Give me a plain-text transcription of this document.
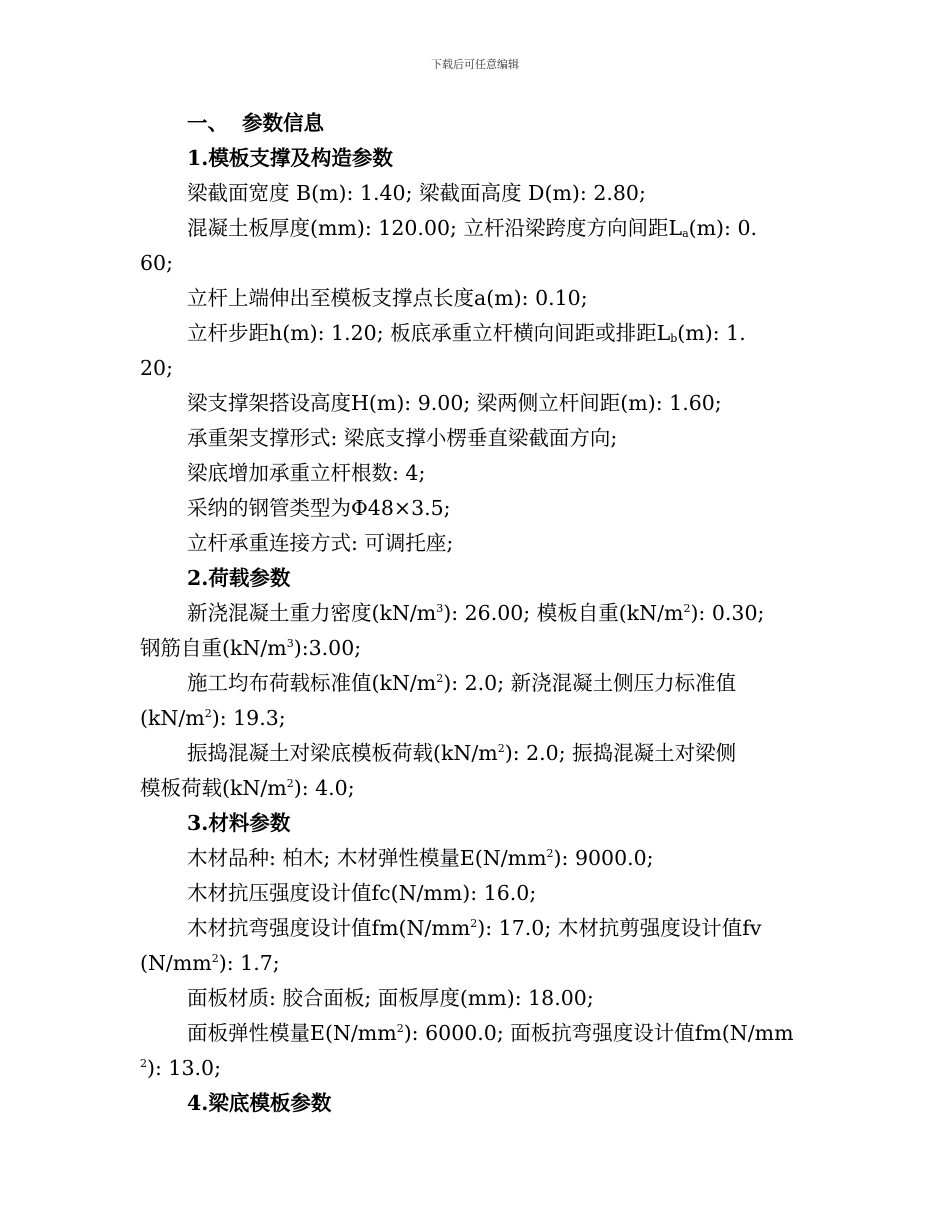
下载后可任意编辑
一、 参数信息
1.模板支撑及构造参数
梁截面宽度 B(m): 1.40; 梁截面高度 D(m): 2.80;
混凝土板厚度(mm): 120.00; 立杆沿梁跨度方向间距$L_a(m)$: 0.
60;
立杆上端伸出至模板支撑点长度a(m): 0.10;
立杆步距h(m): 1.20; 板底承重立杆横向间距或排距$L_b(m)$: 1.
20;
梁支撑架搭设高度H(m): 9.00; 梁两侧立杆间距(m): 1.60;
承重架支撑形式: 梁底支撑小楞垂直梁截面方向;
梁底增加承重立杆根数: 4;
采纳的钢管类型为Φ48×3.5;
立杆承重连接方式: 可调托座;
2.荷载参数
新浇混凝土重力密度$(kN/m^3)$: 26.00; 模板自重$(kN/m^2)$: 0.30;
钢筋自重$(kN/m^3):3.00$;
施工均布荷载标准值$(kN/m^2)$: 2.0; 新浇混凝土侧压力标准值
$(kN/m^2)$: 19.3;
振捣混凝土对梁底模板荷载$(kN/m^2)$: 2.0; 振捣混凝土对梁侧
模板荷载$(kN/m^2)$: 4.0;
3.材料参数
木材品种: 柏木; 木材弹性模量$E(N/mm^2)$: 9000.0;
木材抗压强度设计值fc(N/mm): 16.0;
木材抗弯强度设计值$fm(N/mm^2)$: 17.0; 木材抗剪强度设计值fv
$(N/mm^2)$: 1.7;
面板材质: 胶合面板; 面板厚度(mm): 18.00;
面板弹性模量$E(N/mm^2)$: 6000.0; 面板抗弯强度设计值fm(N/mm
$^2$): 13.0;
4.梁底模板参数
